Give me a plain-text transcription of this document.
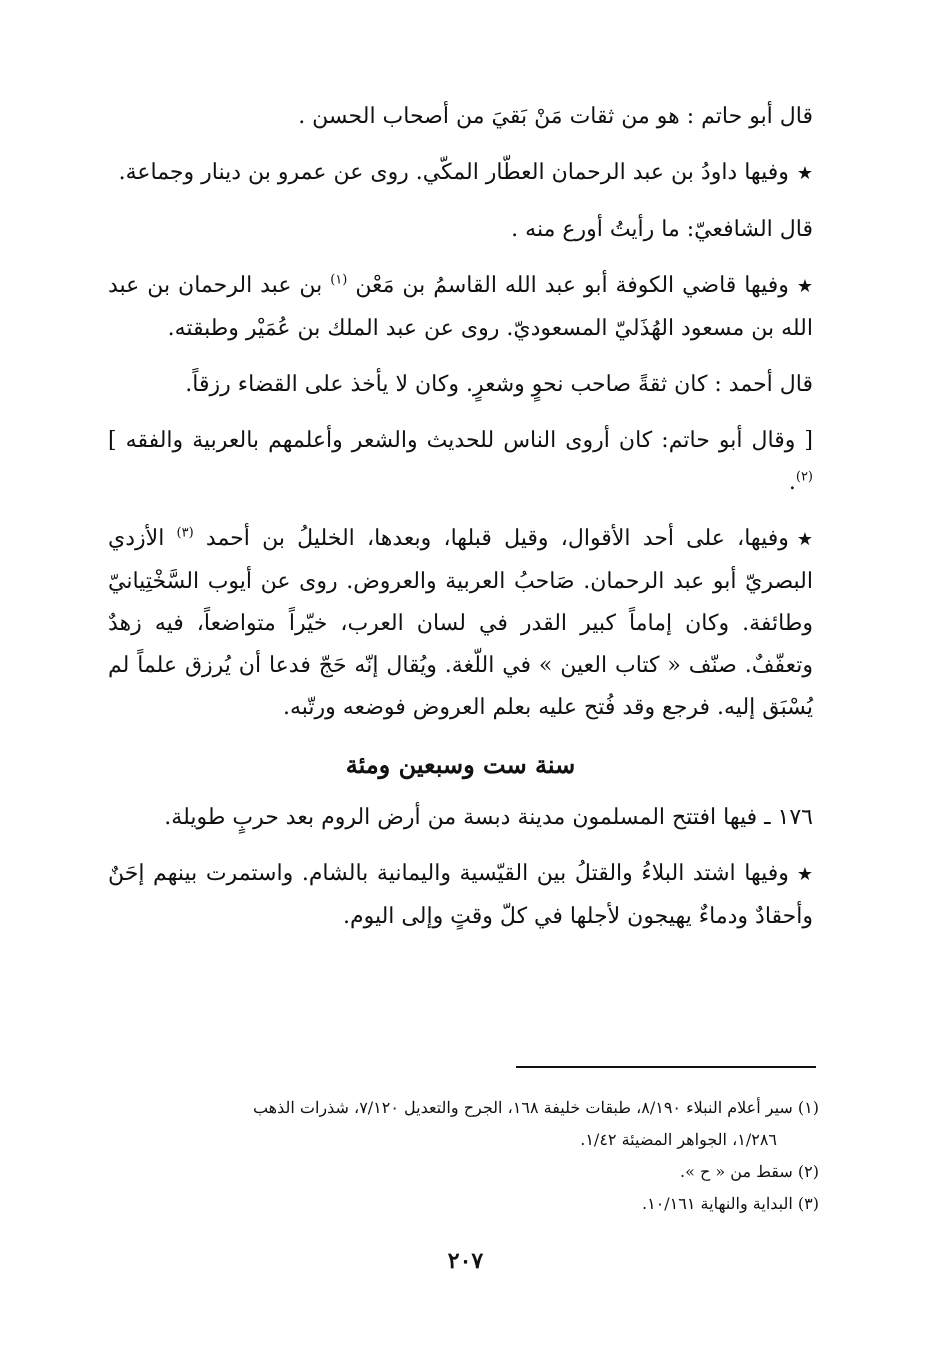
قال أبو حاتم : هو من ثقات مَنْ بَقيَ من أصحاب الحسن .

★وفيها داودُ بن عبد الرحمان العطّار المكّي. روى عن عمرو بن دينار وجماعة.

قال الشافعيّ: ما رأيتُ أورع منه .

★وفيها قاضي الكوفة أبو عبد الله القاسمُ بن مَعْن $^{(١)}$ بن عبد الرحمان بن عبد الله بن مسعود الهُذَليّ المسعوديّ. روى عن عبد الملك بن عُمَيْر وطبقته.

قال أحمد : كان ثقةً صاحب نحوٍ وشعرٍ. وكان لا يأخذ على القضاء رزقاً.

[ وقال أبو حاتم: كان أروى الناس للحديث والشعر وأعلمهم بالعربية والفقه ] $^{(٢)}$.

★وفيها، على أحد الأقوال، وقيل قبلها، وبعدها، الخليلُ بن أحمد $^{(٣)}$ الأزدي البصريّ أبو عبد الرحمان. صَاحبُ العربية والعروض. روى عن أيوب السَّخْتِيانيّ وطائفة. وكان إماماً كبير القدر في لسان العرب، خيّراً متواضعاً، فيه زهدٌ وتعفّفٌ. صنّف « كتاب العين » في اللّغة. ويُقال إنّه حَجّ فدعا أن يُرزق علماً لم يُسْبَق إليه. فرجع وقد فُتح عليه بعلم العروض فوضعه ورتّبه.

سنة ست وسبعين ومئة

١٧٦ ـ فيها افتتح المسلمون مدينة دبسة من أرض الروم بعد حربٍ طويلة.

★وفيها اشتد البلاءُ والقتلُ بين القيّسية واليمانية بالشام. واستمرت بينهم إحَنٌ وأحقادٌ ودماءٌ يهيجون لأجلها في كلّ وقتٍ وإلى اليوم.

(١) سير أعلام النبلاء ٨/١٩٠، طبقات خليفة ١٦٨، الجرح والتعديل ٧/١٢٠، شذرات الذهب

١/٢٨٦، الجواهر المضيئة ١/٤٢.

(٢) سقط من « ح ».

(٣) البداية والنهاية ١٠/١٦١.

٢٠٧
